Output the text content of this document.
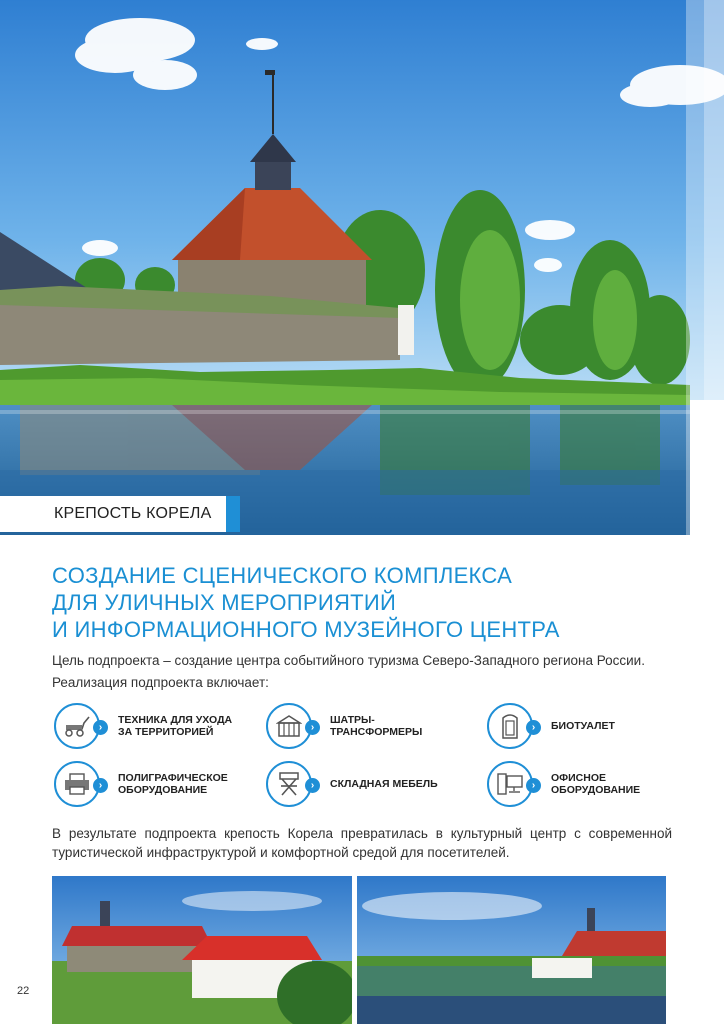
КРЕПОСТЬ КОРЕЛА
СОЗДАНИЕ СЦЕНИЧЕСКОГО КОМПЛЕКСА
ДЛЯ УЛИЧНЫХ МЕРОПРИЯТИЙ
И ИНФОРМАЦИОННОГО МУЗЕЙНОГО ЦЕНТРА
Цель подпроекта – создание центра событийного туризма Северо-Западного региона России.
Реализация подпроекта включает:
›
ТЕХНИКА ДЛЯ УХОДА ЗА ТЕРРИТОРИЕЙ	›
ШАТРЫ-ТРАНСФОРМЕРЫ	›	БИОТУАЛЕТ
›
ПОЛИГРАФИЧЕСКОЕ ОБОРУДОВАНИЕ	›	СКЛАДНАЯ МЕБЕЛЬ	›
ОФИСНОЕ ОБОРУДОВАНИЕ
В результате подпроекта крепость Корела превратилась в культурный центр с современной туристической инфраструктурой и комфортной средой для посетителей.
22
